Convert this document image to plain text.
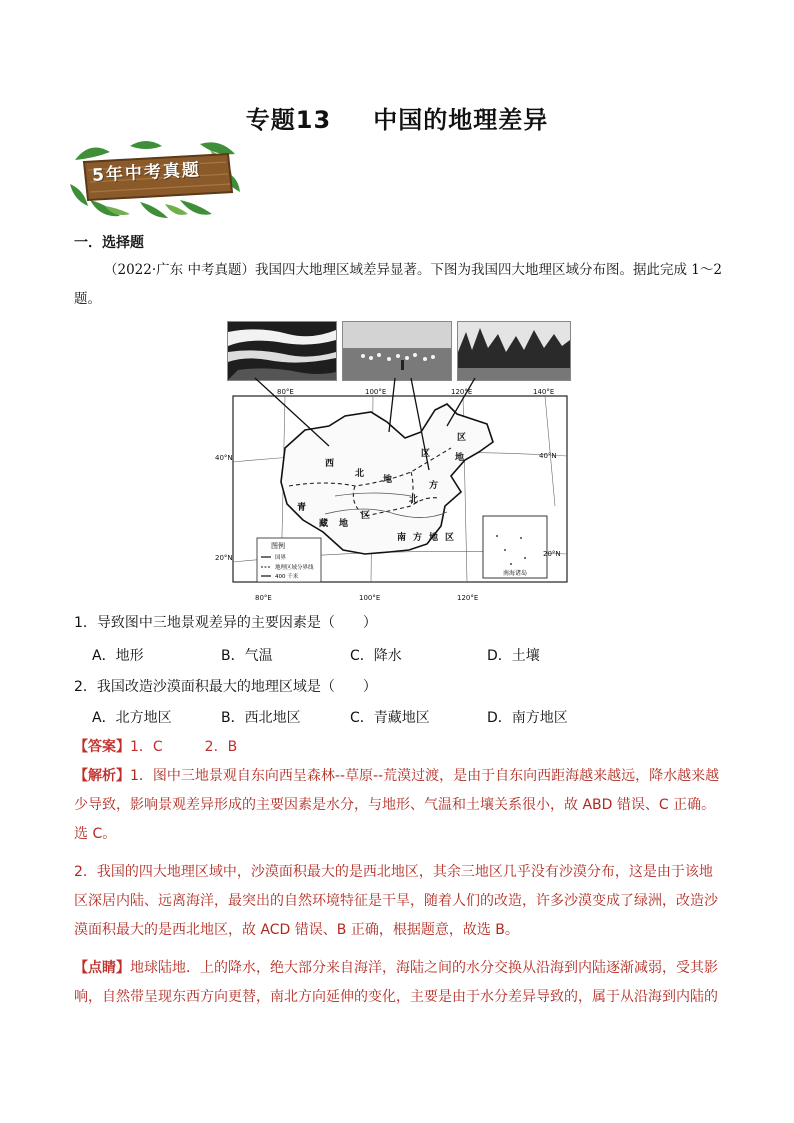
专题13 中国的地理差异
5年中考真题
一．选择题
（2022·广东 中考真题）我国四大地理区域差异显著。下图为我国四大地理区域分布图。据此完成 1～2 题。
南海诸岛
图例
国界
地理区域分界线
400 千米
80°E	100°E	120°E	140°E
80°E	100°E	120°E
40°N
20°N
40°N
20°N
西
北
地
区
区	地
方
北
青
藏 地
区
南 方 地 区
1．导致图中三地景观差异的主要因素是（　　）
A．地形	B．气温	C．降水	D．土壤
2．我国改造沙漠面积最大的地理区域是（　　）
A．北方地区	B．西北地区	C．青藏地区	D．南方地区
【答案】1．C　　　2．B
【解析】1．图中三地景观自东向西呈森林--草原--荒漠过渡，是由于自东向西距海越来越远，降水越来越少导致，影响景观差异形成的主要因素是水分，与地形、气温和土壤关系很小，故 ABD 错误、C 正确。选 C。
2．我国的四大地理区域中，沙漠面积最大的是西北地区，其余三地区几乎没有沙漠分布，这是由于该地区深居内陆、远离海洋，最突出的自然环境特征是干旱，随着人们的改造，许多沙漠变成了绿洲，改造沙漠面积最大的是西北地区，故 ACD 错误、B 正确，根据题意，故选 B。
【点睛】地球陆地．上的降水，绝大部分来自海洋，海陆之间的水分交换从沿海到内陆逐渐减弱，受其影响，自然带呈现东西方向更替，南北方向延伸的变化，主要是由于水分差异导致的，属于从沿海到内陆的
